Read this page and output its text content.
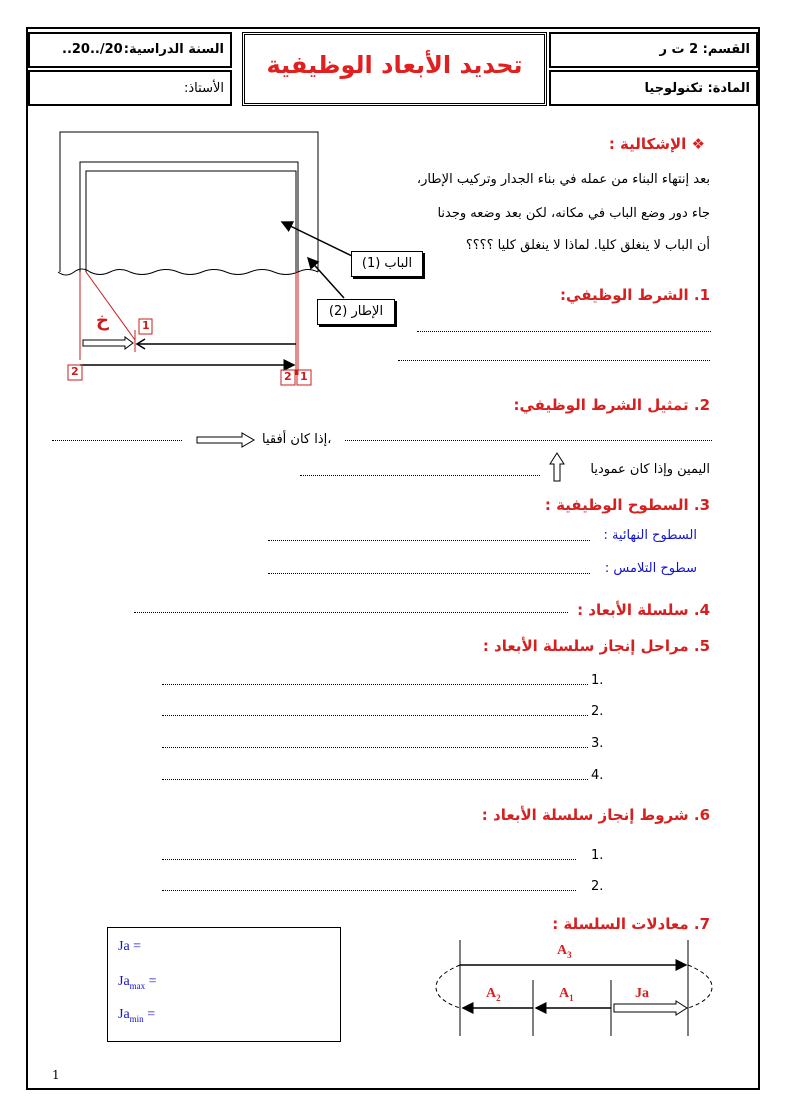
القسم: 2 ت ر
المادة: تكنولوجيا
السنة الدراسية:
..20../20
الأستاذ:
تحديد الأبعاد الوظيفية
❖ الإشكالية :
بعد إنتهاء البناء من عمله في بناء الجدار وتركيب الإطار،
جاء دور وضع الباب في مكانه، لكن بعد وضعه وجدنا
أن الباب لا ينغلق كليا. لماذا لا ينغلق كليا ؟؟؟؟
خ	1
2	2 1
الباب (1)
الإطار (2)
1. الشرط الوظيفي:
2. تمثيل الشرط الوظيفي:
،إذا كان أفقيا
اليمين وإذا كان عموديا
3. السطوح الوظيفية :
السطوح النهائية :
سطوح التلامس :
4. سلسلة الأبعاد :
5. مراحل إنجاز سلسلة الأبعاد :
.1
.2
.3
.4
6. شروط إنجاز سلسلة الأبعاد :
.1
.2
7. معادلات السلسلة :
Ja =
$Ja_{max}$ =
$Ja_{min}$ =
$A_3$
$A_2$	$A_1$	Ja
1
